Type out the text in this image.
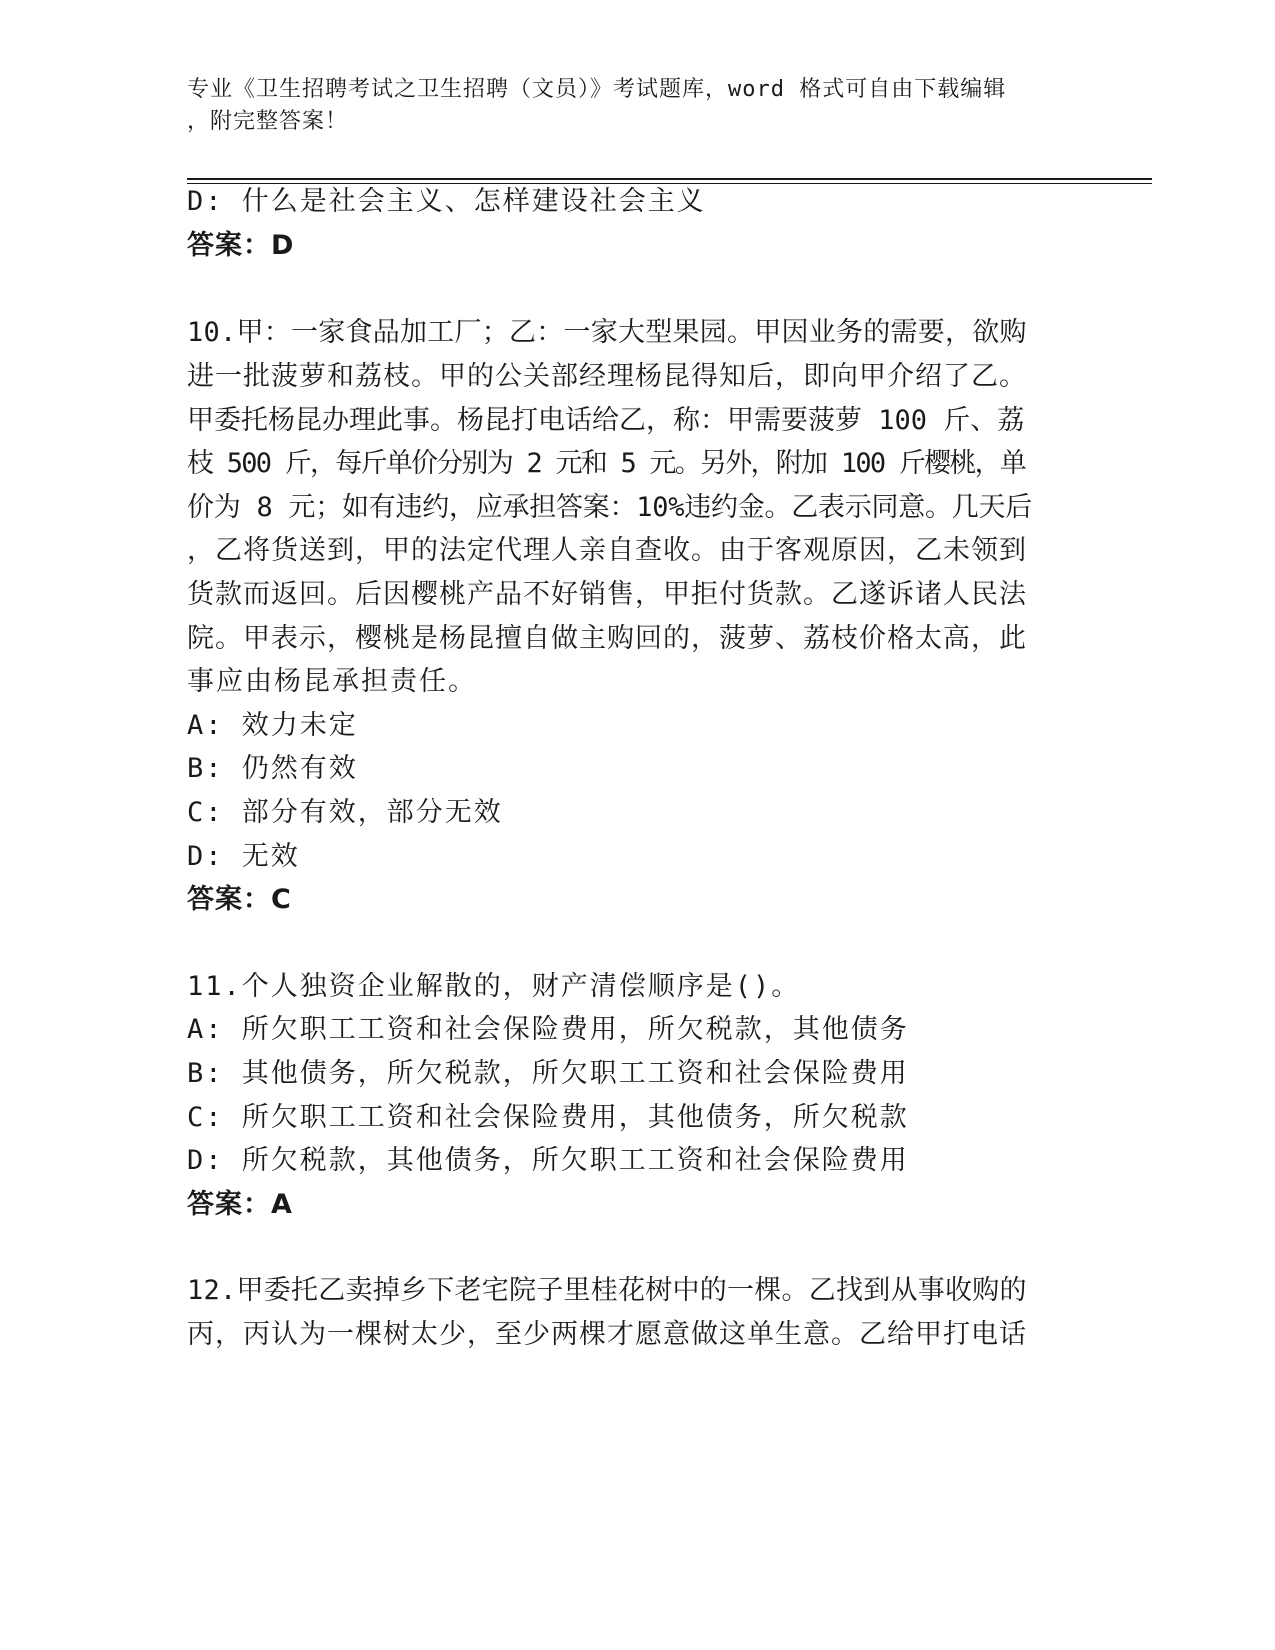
专业《卫生招聘考试之卫生招聘（文员）》考试题库，word 格式可自由下载编辑
，附完整答案！
D: 什么是社会主义、怎样建设社会主义
答案：D
10.甲：一家食品加工厂；乙：一家大型果园。甲因业务的需要，欲购
进一批菠萝和荔枝。甲的公关部经理杨昆得知后，即向甲介绍了乙。
甲委托杨昆办理此事。杨昆打电话给乙，称：甲需要菠萝 100 斤、荔
枝 500 斤，每斤单价分别为 2 元和 5 元。另外，附加 100 斤樱桃，单
价为 8 元；如有违约，应承担答案：10%违约金。乙表示同意。几天后
，乙将货送到，甲的法定代理人亲自查收。由于客观原因，乙未领到
货款而返回。后因樱桃产品不好销售，甲拒付货款。乙遂诉诸人民法
院。甲表示，樱桃是杨昆擅自做主购回的，菠萝、荔枝价格太高，此
事应由杨昆承担责任。
A: 效力未定
B: 仍然有效
C: 部分有效，部分无效
D: 无效
答案：C
11.个人独资企业解散的，财产清偿顺序是()。
A: 所欠职工工资和社会保险费用，所欠税款，其他债务
B: 其他债务，所欠税款，所欠职工工资和社会保险费用
C: 所欠职工工资和社会保险费用，其他债务，所欠税款
D: 所欠税款，其他债务，所欠职工工资和社会保险费用
答案：A
12.甲委托乙卖掉乡下老宅院子里桂花树中的一棵。乙找到从事收购的
丙，丙认为一棵树太少，至少两棵才愿意做这单生意。乙给甲打电话
